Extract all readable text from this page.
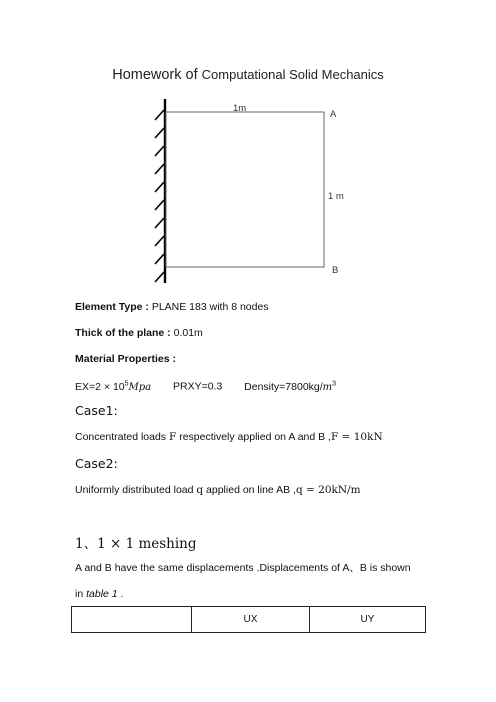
Homework of Computational Solid Mechanics
1m
1 m
A
B
Element Type : PLANE 183 with 8 nodes
Thick of the plane : 0.01m
Material Properties :
$EX=2 \times 10^5Mpa$ PRXY=0.3 $Density=7800kg/m^3$
Case1:
Concentrated loads F respectively applied on A and B ,F = 10kN
Case2:
Uniformly distributed load q applied on line AB ,q = 20kN/m
1、1 × 1 meshing
A and B have the same displacements .Displacements of A、B is shown
in table 1 .
	UX	UY
